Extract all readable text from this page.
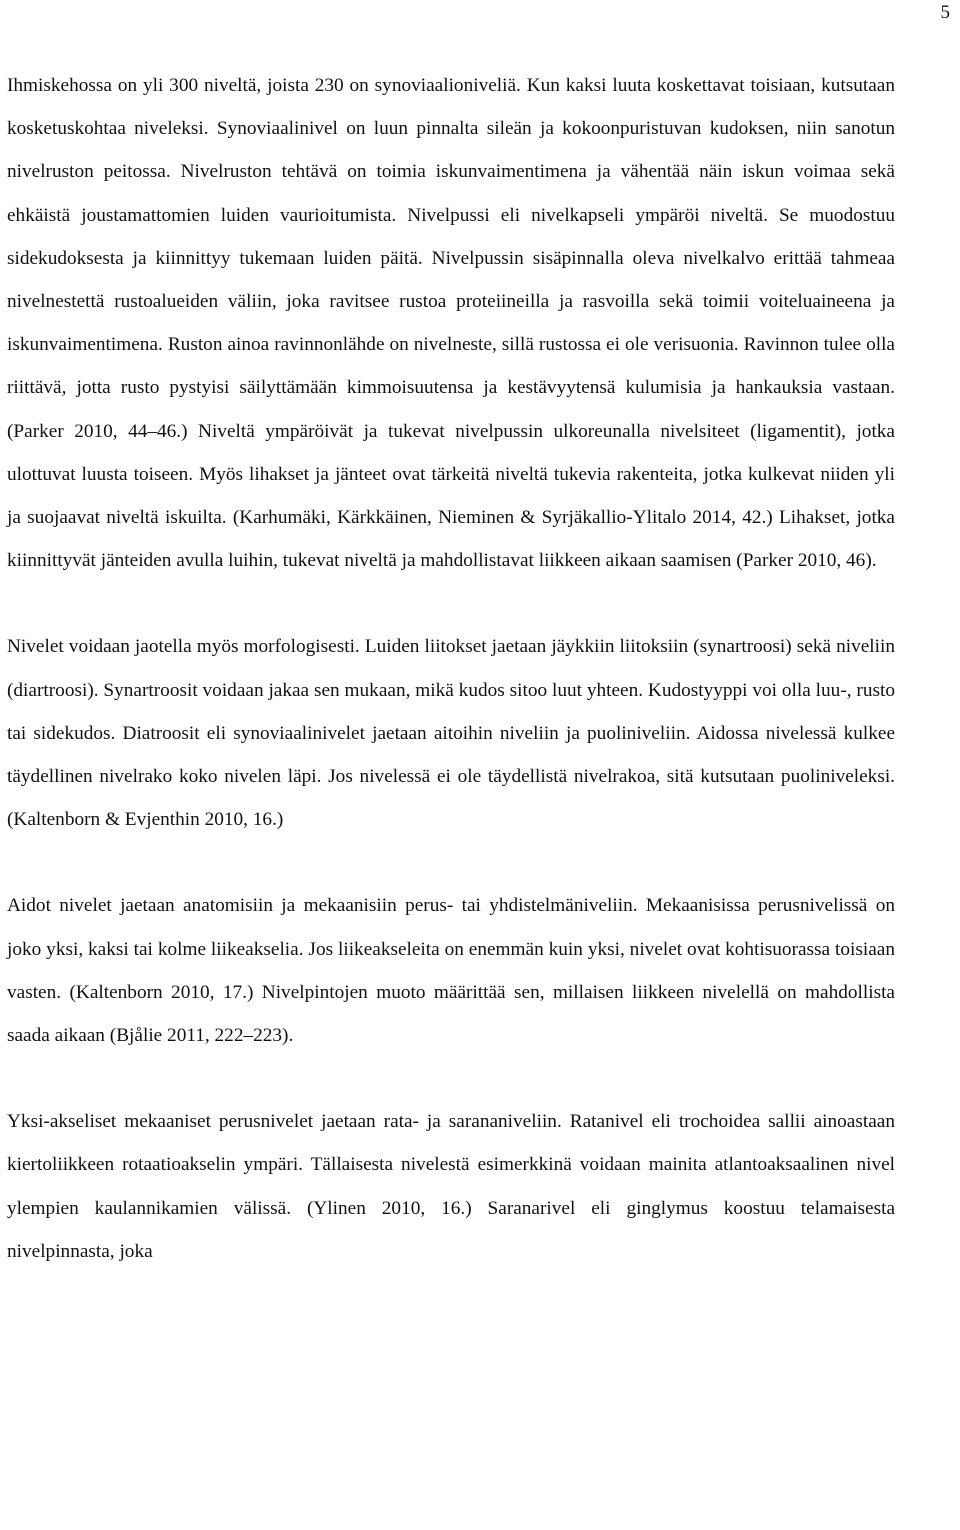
5

Ihmiskehossa on yli 300 niveltä, joista 230 on synoviaalioniveliä. Kun kaksi luuta koskettavat toisiaan, kutsutaan kosketuskohtaa niveleksi. Synoviaalinivel on luun pinnalta sileän ja kokoonpuristuvan kudoksen, niin sanotun nivelruston peitossa. Nivelruston tehtävä on toimia iskunvaimentimena ja vähentää näin iskun voimaa sekä ehkäistä joustamattomien luiden vaurioitumista. Nivelpussi eli nivelkapseli ympäröi niveltä. Se muodostuu sidekudoksesta ja kiinnittyy tukemaan luiden päitä. Nivelpussin sisäpinnalla oleva nivelkalvo erittää tahmeaa nivelnestettä rustoalueiden väliin, joka ravitsee rustoa proteiineilla ja rasvoilla sekä toimii voiteluaineena ja iskunvaimentimena. Ruston ainoa ravinnonlähde on nivelneste, sillä rustossa ei ole verisuonia. Ravinnon tulee olla riittävä, jotta rusto pystyisi säilyttämään kimmoisuutensa ja kestävyytensä kulumisia ja hankauksia vastaan. (Parker 2010, 44–46.) Niveltä ympäröivät ja tukevat nivelpussin ulkoreunalla nivelsiteet (ligamentit), jotka ulottuvat luusta toiseen. Myös lihakset ja jänteet ovat tärkeitä niveltä tukevia rakenteita, jotka kulkevat niiden yli ja suojaavat niveltä iskuilta. (Karhumäki, Kärkkäinen, Nieminen & Syrjäkallio-Ylitalo 2014, 42.) Lihakset, jotka kiinnittyvät jänteiden avulla luihin, tukevat niveltä ja mahdollistavat liikkeen aikaan saamisen (Parker 2010, 46).

Nivelet voidaan jaotella myös morfologisesti. Luiden liitokset jaetaan jäykkiin liitoksiin (synartroosi) sekä niveliin (diartroosi). Synartroosit voidaan jakaa sen mukaan, mikä kudos sitoo luut yhteen. Kudostyyppi voi olla luu-, rusto tai sidekudos. Diatroosit eli synoviaalinivelet jaetaan aitoihin niveliin ja puoliniveliin. Aidossa nivelessä kulkee täydellinen nivelrako koko nivelen läpi. Jos nivelessä ei ole täydellistä nivelrakoa, sitä kutsutaan puoliniveleksi. (Kaltenborn & Evjenthin 2010, 16.)

Aidot nivelet jaetaan anatomisiin ja mekaanisiin perus- tai yhdistelmäniveliin. Mekaanisissa perusnivelissä on joko yksi, kaksi tai kolme liikeakselia. Jos liikeakseleita on enemmän kuin yksi, nivelet ovat kohtisuorassa toisiaan vasten. (Kaltenborn 2010, 17.) Nivelpintojen muoto määrittää sen, millaisen liikkeen nivelellä on mahdollista saada aikaan (Bjålie 2011, 222–223).

Yksi-akseliset mekaaniset perusnivelet jaetaan rata- ja sarananiveliin. Ratanivel eli trochoidea sallii ainoastaan kiertoliikkeen rotaatioakselin ympäri. Tällaisesta nivelestä esimerkkinä voidaan mainita atlantoaksaalinen nivel ylempien kaulannikamien välissä. (Ylinen 2010, 16.) Saranarivel eli ginglymus koostuu telamaisesta nivelpinnasta, joka
